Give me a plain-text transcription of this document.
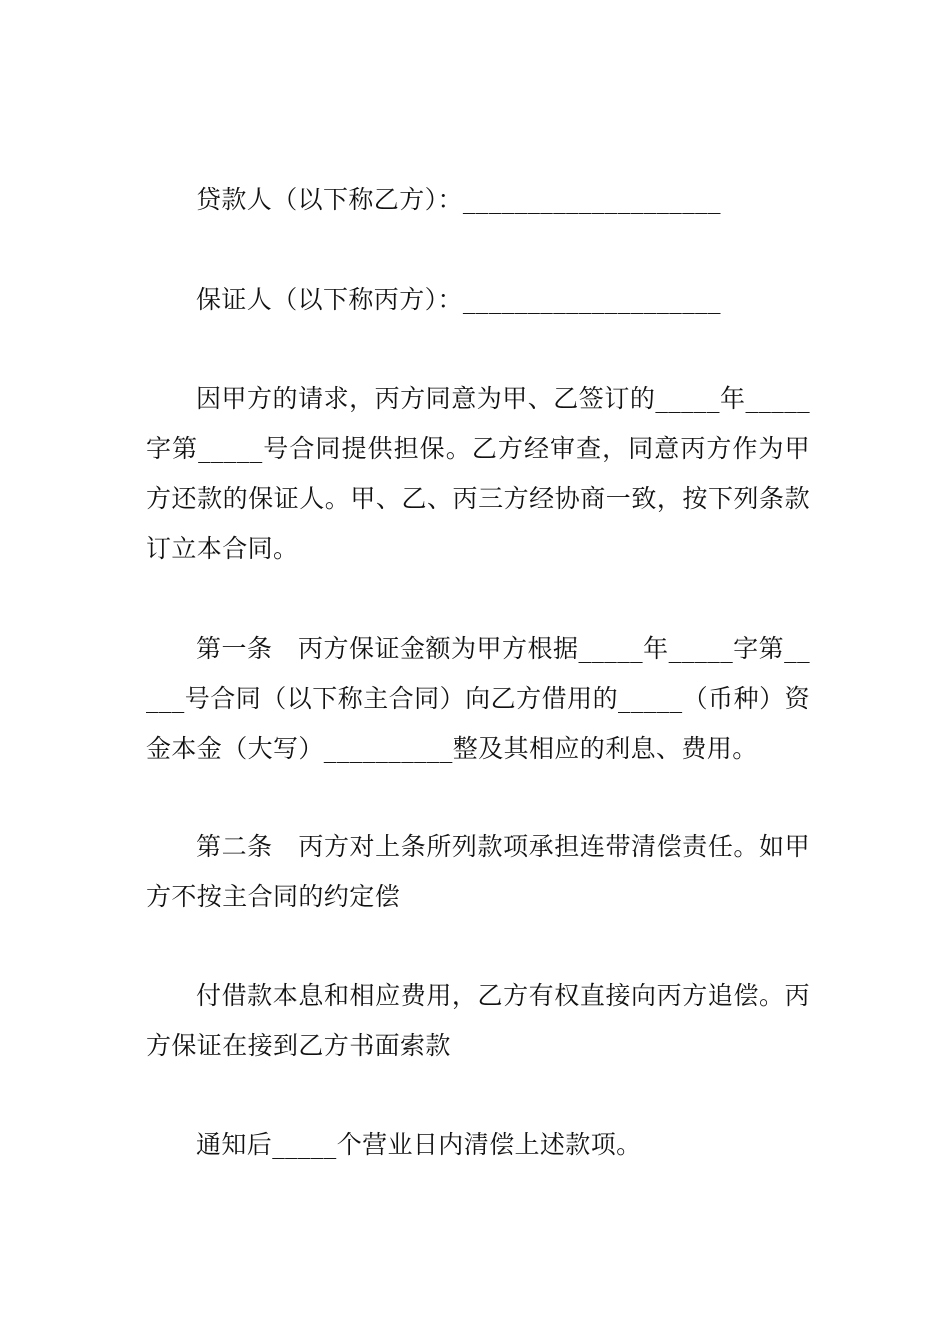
贷款人（以下称乙方）：____________________

保证人（以下称丙方）：____________________

因甲方的请求，丙方同意为甲、乙签订的_____年_____字第_____号合同提供担保。乙方经审查，同意丙方作为甲方还款的保证人。甲、乙、丙三方经协商一致，按下列条款订立本合同。

第一条　丙方保证金额为甲方根据_____年_____字第_____号合同（以下称主合同）向乙方借用的_____（币种）资金本金（大写）__________整及其相应的利息、费用。

第二条　丙方对上条所列款项承担连带清偿责任。如甲方不按主合同的约定偿

付借款本息和相应费用，乙方有权直接向丙方追偿。丙方保证在接到乙方书面索款

通知后_____个营业日内清偿上述款项。
